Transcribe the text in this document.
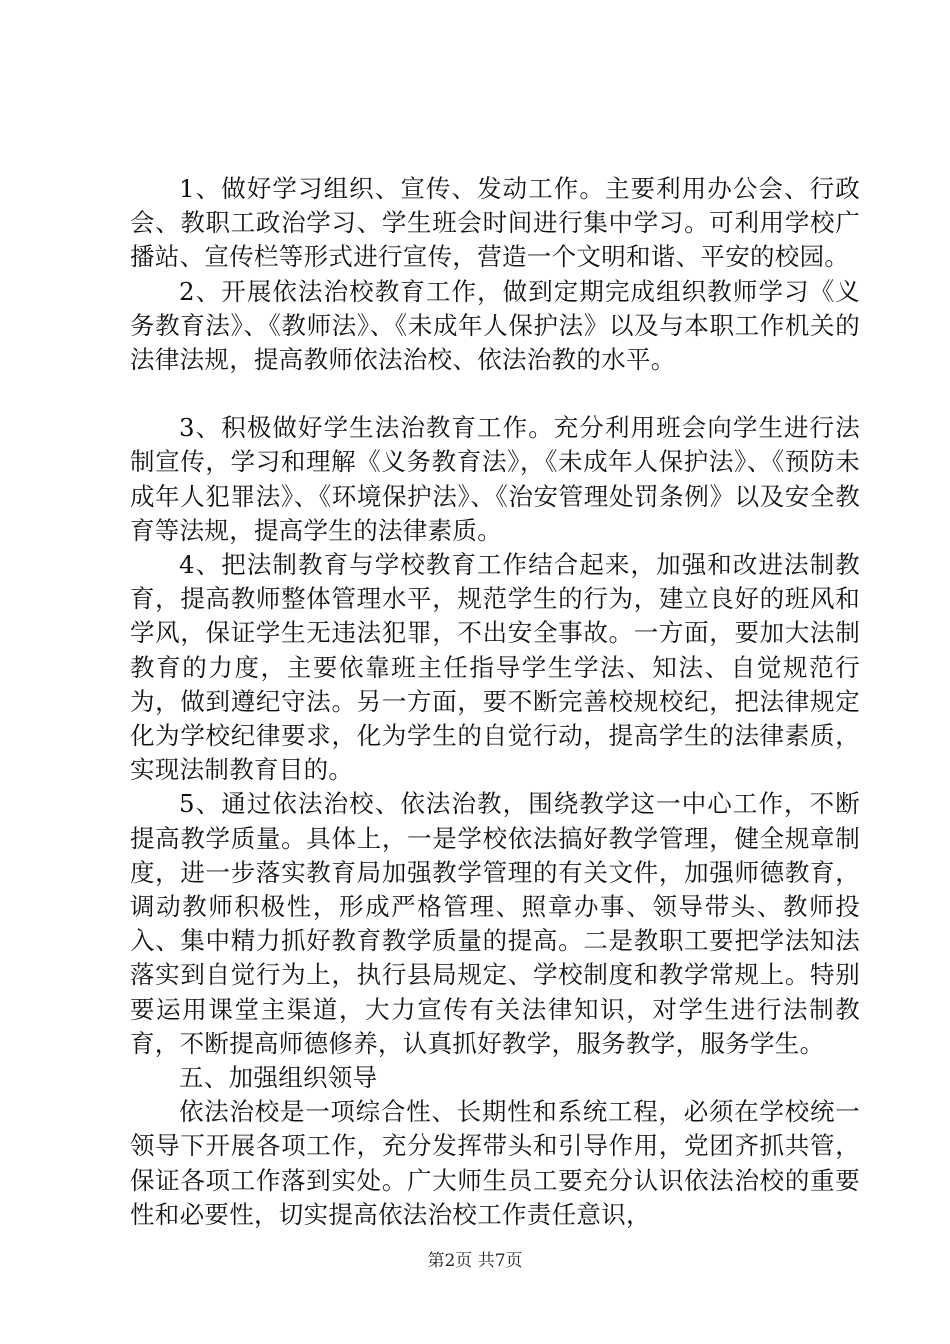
1、做好学习组织、宣传、发动工作。主要利用办公会、行政会、教职工政治学习、学生班会时间进行集中学习。可利用学校广播站、宣传栏等形式进行宣传，营造一个文明和谐、平安的校园。

2、开展依法治校教育工作，做到定期完成组织教师学习《义务教育法》、《教师法》、《未成年人保护法》以及与本职工作机关的法律法规，提高教师依法治校、依法治教的水平。

3、积极做好学生法治教育工作。充分利用班会向学生进行法制宣传，学习和理解《义务教育法》，《未成年人保护法》、《预防未成年人犯罪法》、《环境保护法》、《治安管理处罚条例》以及安全教育等法规，提高学生的法律素质。

4、把法制教育与学校教育工作结合起来，加强和改进法制教育，提高教师整体管理水平，规范学生的行为，建立良好的班风和学风，保证学生无违法犯罪，不出安全事故。一方面，要加大法制教育的力度，主要依靠班主任指导学生学法、知法、自觉规范行为，做到遵纪守法。另一方面，要不断完善校规校纪，把法律规定化为学校纪律要求，化为学生的自觉行动，提高学生的法律素质，实现法制教育目的。

5、通过依法治校、依法治教，围绕教学这一中心工作，不断提高教学质量。具体上，一是学校依法搞好教学管理，健全规章制度，进一步落实教育局加强教学管理的有关文件，加强师德教育，调动教师积极性，形成严格管理、照章办事、领导带头、教师投入、集中精力抓好教育教学质量的提高。二是教职工要把学法知法落实到自觉行为上，执行县局规定、学校制度和教学常规上。特别要运用课堂主渠道，大力宣传有关法律知识，对学生进行法制教育，不断提高师德修养，认真抓好教学，服务教学，服务学生。

五、加强组织领导

依法治校是一项综合性、长期性和系统工程，必须在学校统一领导下开展各项工作，充分发挥带头和引导作用，党团齐抓共管，保证各项工作落到实处。广大师生员工要充分认识依法治校的重要性和必要性，切实提高依法治校工作责任意识，

第2页 共7页
